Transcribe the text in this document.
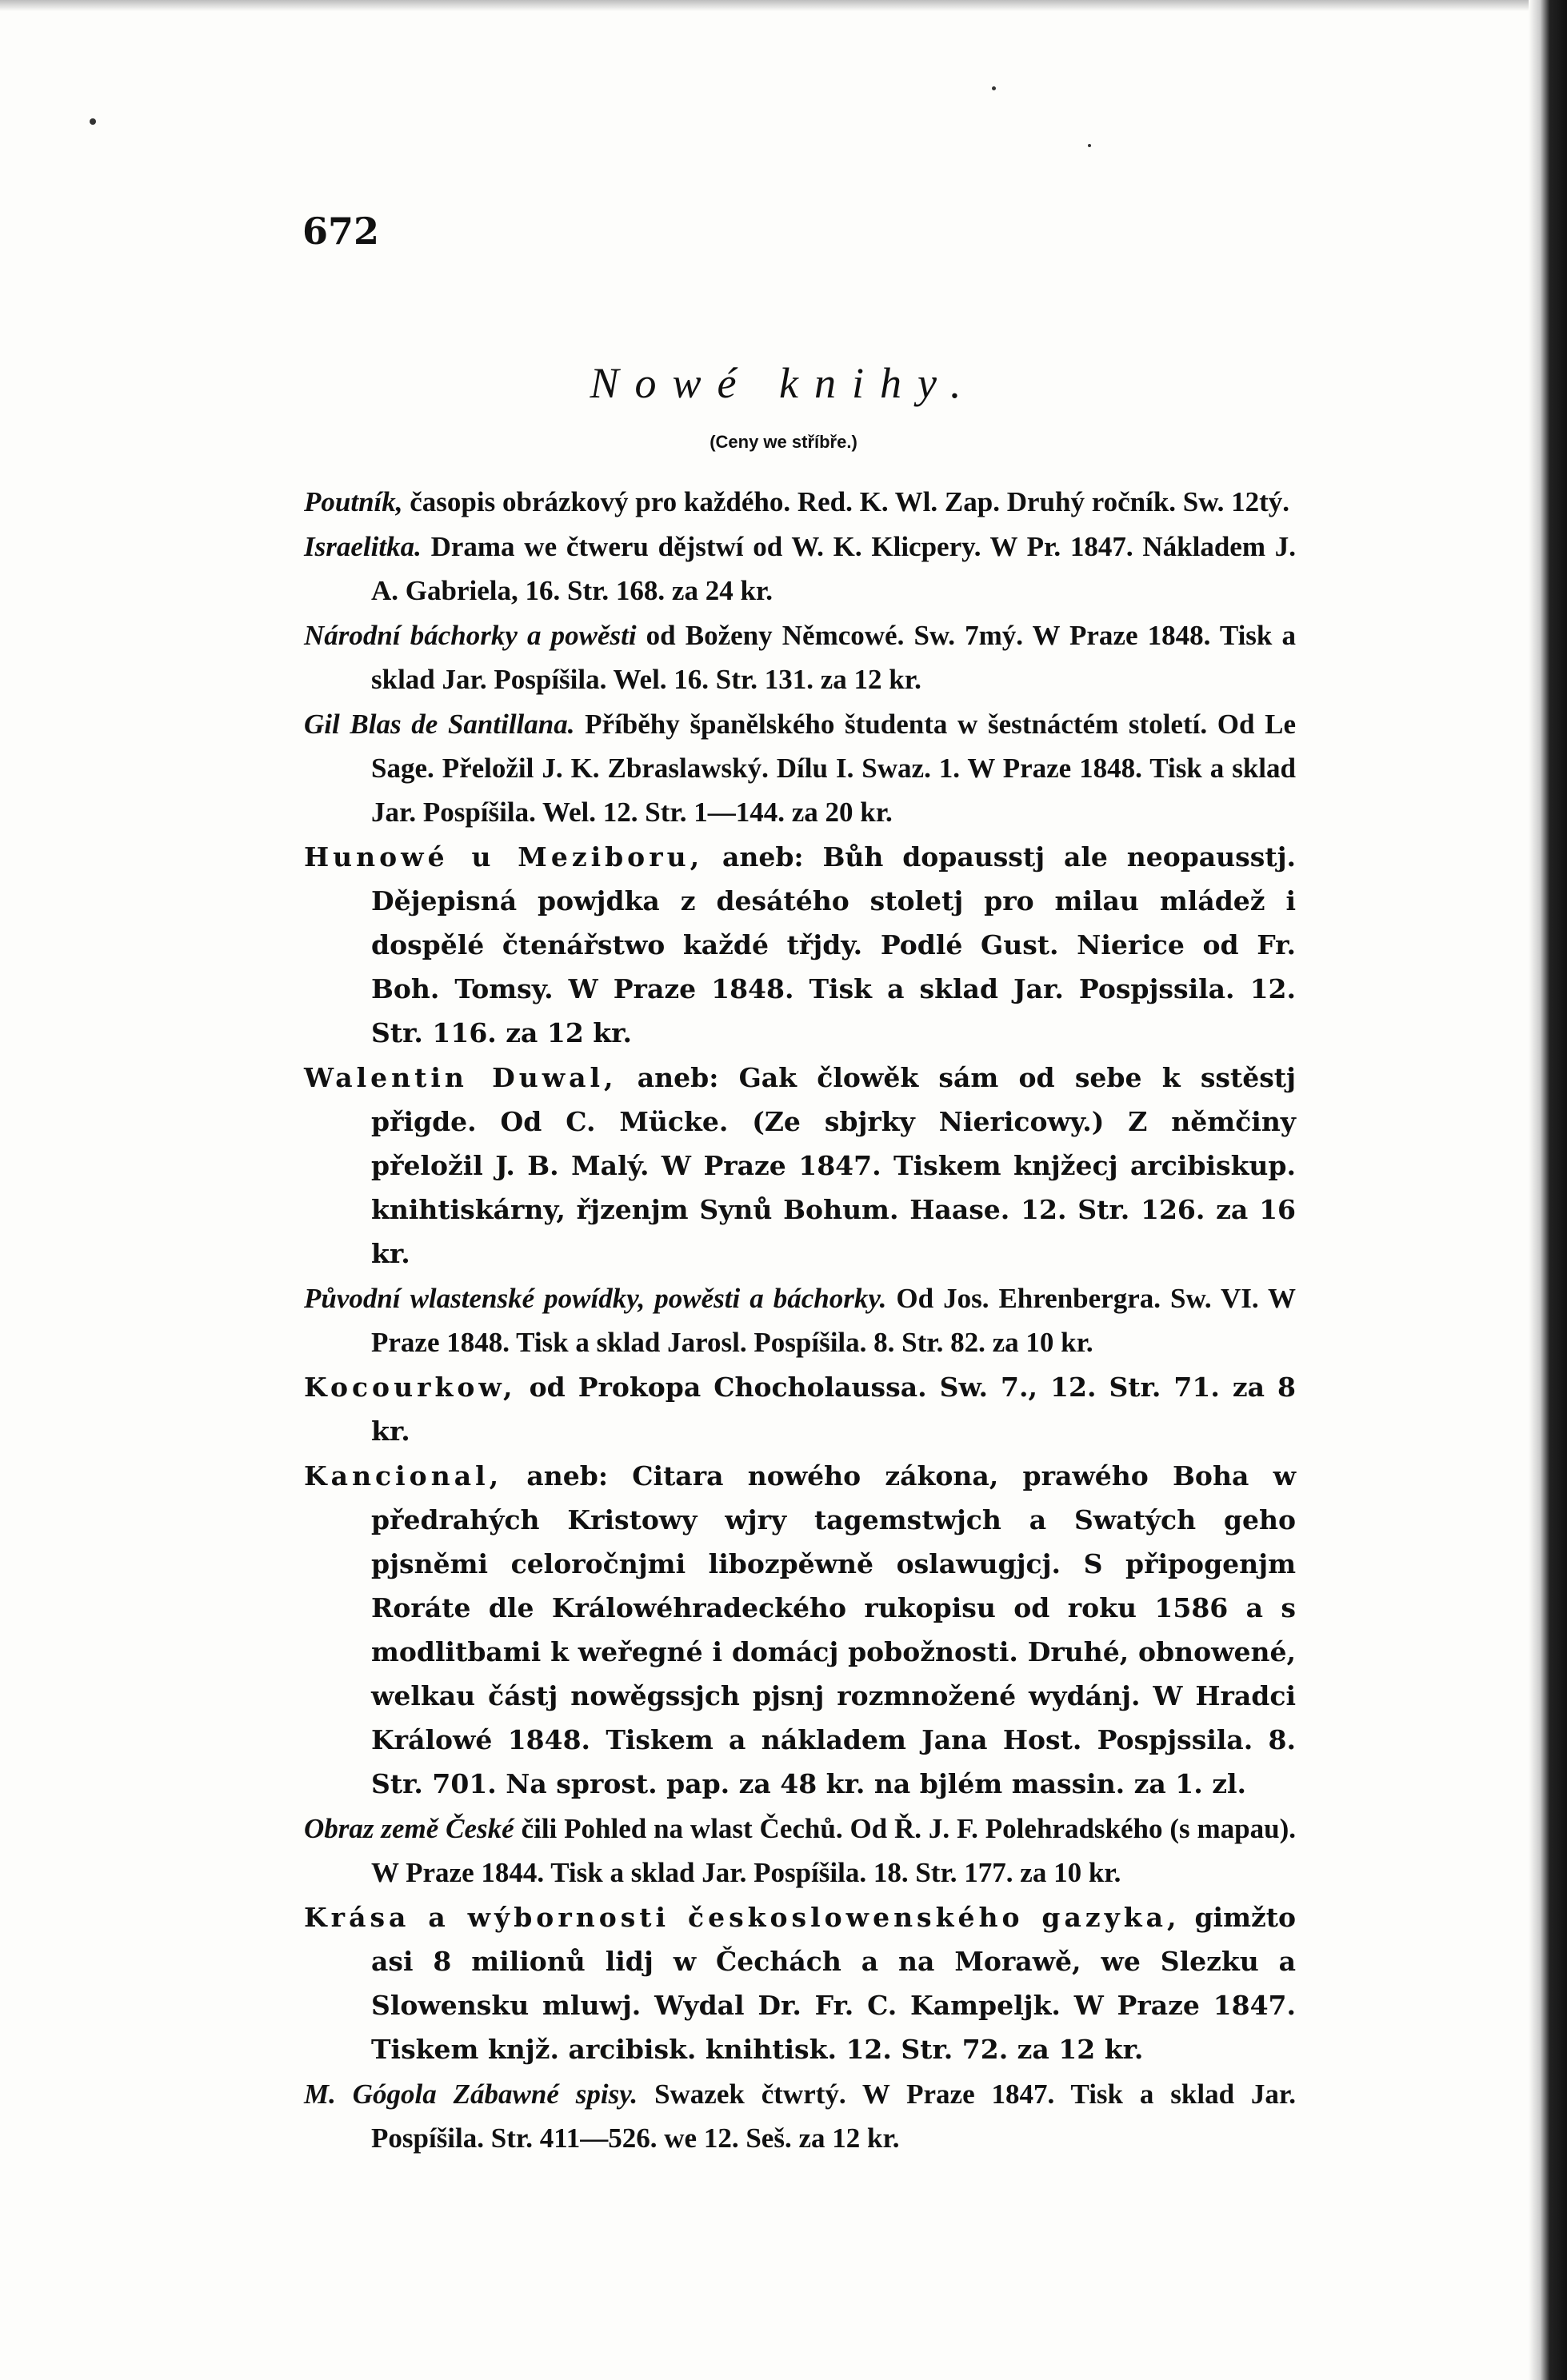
672
Nowé knihy.
(Ceny we stříbře.)
Poutník, časopis obrázkový pro každého. Red. K. Wl. Zap. Druhý ročník. Sw. 12tý.
Israelitka. Drama we čtweru dějstwí od W. K. Klicpery. W Pr. 1847. Nákladem J. A. Gabriela, 16. Str. 168. za 24 kr.
Národní báchorky a powěsti od Boženy Němcowé. Sw. 7mý. W Praze 1848. Tisk a sklad Jar. Pospíšila. Wel. 16. Str. 131. za 12 kr.
Gil Blas de Santillana. Příběhy španělského študenta w šestnáctém století. Od Le Sage. Přeložil J. K. Zbraslawský. Dílu I. Swaz. 1. W Praze 1848. Tisk a sklad Jar. Pospíšila. Wel. 12. Str. 1—144. za 20 kr.
Hunowé u Meziboru, aneb: Bůh dopausstj ale neopausstj. Dějepisná powjdka z desátého stoletj pro milau mládež i dospělé čtenářstwo každé třjdy. Podlé Gust. Nierice od Fr. Boh. Tomsy. W Praze 1848. Tisk a sklad Jar. Pospjssila. 12. Str. 116. za 12 kr.
Walentin Duwal, aneb: Gak člowěk sám od sebe k sstěstj přigde. Od C. Mücke. (Ze sbjrky Niericowy.) Z němčiny přeložil J. B. Malý. W Praze 1847. Tiskem knjžecj arcibiskup. knihtiskárny, řjzenjm Synů Bohum. Haase. 12. Str. 126. za 16 kr.
Původní wlastenské powídky, powěsti a báchorky. Od Jos. Ehrenbergra. Sw. VI. W Praze 1848. Tisk a sklad Jarosl. Pospíšila. 8. Str. 82. za 10 kr.
Kocourkow, od Prokopa Chocholaussa. Sw. 7., 12. Str. 71. za 8 kr.
Kancional, aneb: Citara nowého zákona, prawého Boha w předrahých Kristowy wjry tagemstwjch a Swatých geho pjsněmi celoročnjmi libozpěwně oslawugjcj. S připogenjm Roráte dle Králowéhradeckého rukopisu od roku 1586 a s modlitbami k weřegné i domácj pobožnosti. Druhé, obnowené, welkau částj nowěgssjch pjsnj rozmnožené wydánj. W Hradci Králowé 1848. Tiskem a nákladem Jana Host. Pospjssila. 8. Str. 701. Na sprost. pap. za 48 kr. na bjlém massin. za 1. zl.
Obraz země České čili Pohled na wlast Čechů. Od Ř. J. F. Polehradského (s mapau). W Praze 1844. Tisk a sklad Jar. Pospíšila. 18. Str. 177. za 10 kr.
Krása a wýbornosti českoslowenského gazyka, gimžto asi 8 milionů lidj w Čechách a na Morawě, we Slezku a Slowensku mluwj. Wydal Dr. Fr. C. Kampeljk. W Praze 1847. Tiskem knjž. arcibisk. knihtisk. 12. Str. 72. za 12 kr.
M. Gógola Zábawné spisy. Swazek čtwrtý. W Praze 1847. Tisk a sklad Jar. Pospíšila. Str. 411—526. we 12. Seš. za 12 kr.
